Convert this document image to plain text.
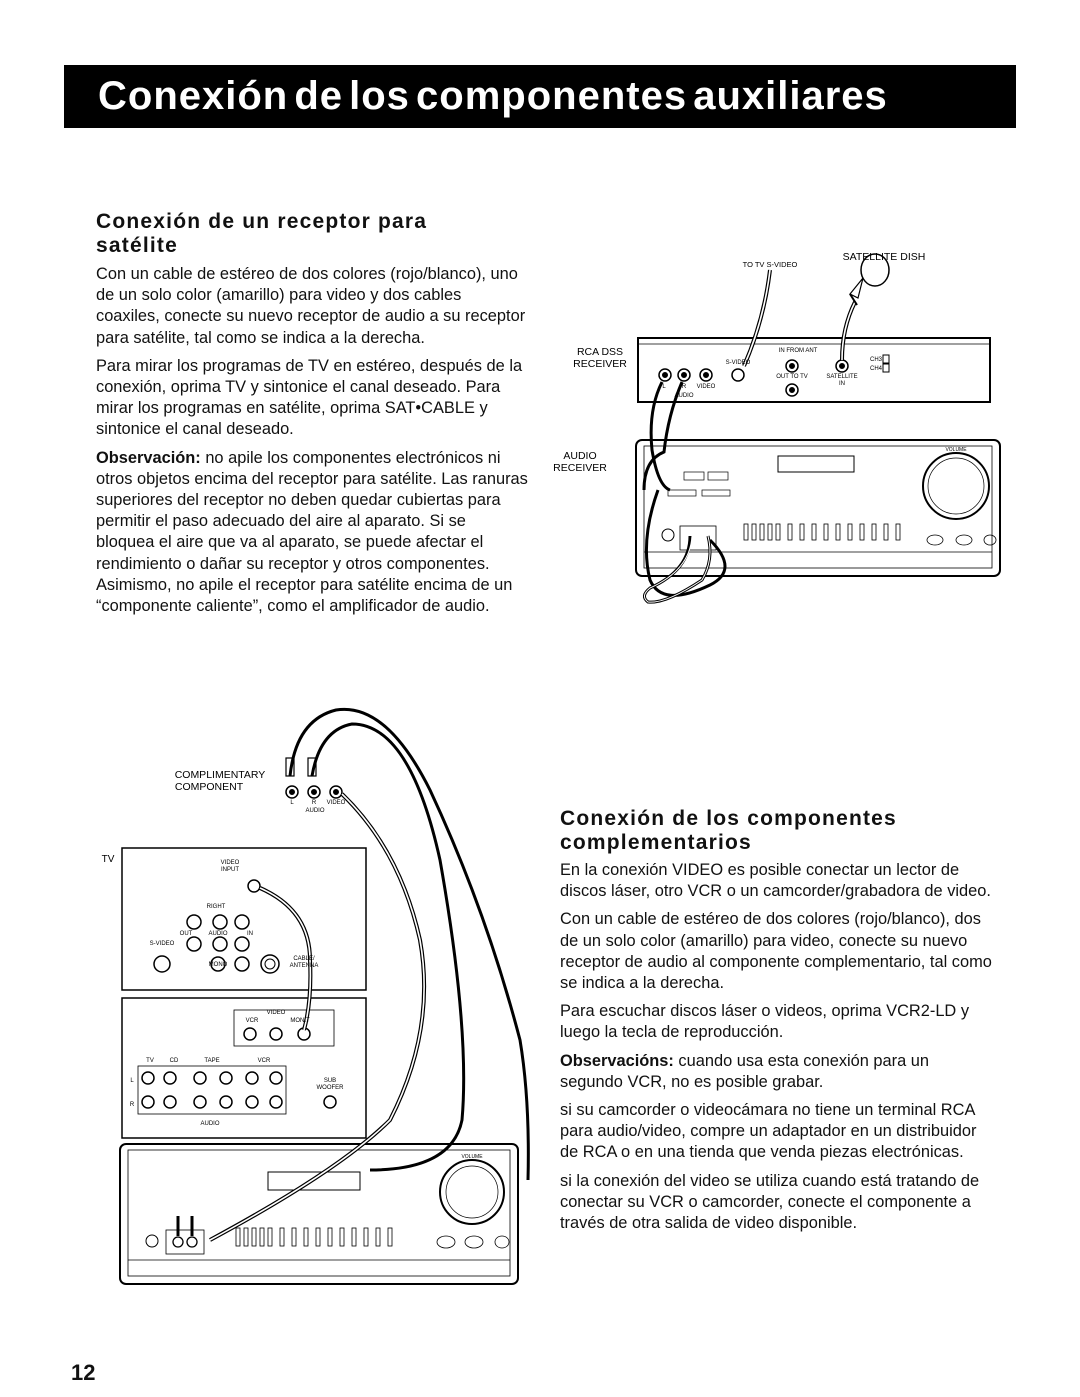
Conexión de los componentes auxiliares
Conexión de un receptor para
satélite

Con un cable de estéreo de dos colores (rojo/blanco), uno de un solo color (amarillo) para video y dos cables coaxiles, conecte su nuevo receptor de audio a su receptor para satélite, tal como se indica a la derecha.

Para mirar los programas de TV en estéreo, después de la conexión, oprima TV y sintonice el canal deseado. Para mirar los programas en satélite, oprima SAT•CABLE y sintonice el canal deseado.

Observación: no apile los componentes electrónicos ni otros objetos encima del receptor para satélite. Las ranuras superiores del receptor no deben quedar cubiertas para permitir el paso adecuado del aire al aparato. Si se bloquea el aire que va al aparato, se puede afectar el rendimiento o dañar su receptor y otros componentes. Asimismo, no apile el receptor para satélite encima de un “componente caliente”, como el amplificador de audio.

Conexión de los componentes
complementarios

En la conexión VIDEO es posible conectar un lector de discos láser, otro VCR o un camcorder/grabadora de video.

Con un cable de estéreo de dos colores (rojo/blanco), dos de un solo color (amarillo) para video, conecte su nuevo receptor de audio al componente complementario, tal como se indica a la derecha.

Para escuchar discos láser o videos, oprima VCR2-LD y luego la tecla de reproducción.

Observacións: cuando usa esta conexión para un segundo VCR, no es posible grabar.

si su camcorder o videocámara no tiene un terminal RCA para audio/video, compre un adaptador en un distribuidor de RCA o en una tienda que venda piezas electrónicas.

si la conexión del video se utiliza cuando está tratando de conectar su VCR o camcorder, conecte el componente a través de otra salida de video disponible.

TO TV S-VIDEO
SATELLITE DISH
RCA DSS
RECEIVER
AUDIO
RECEIVER
IN FROM ANT
S-VIDEO
OUT TO TV	SATELLITE
IN
CH3
CH4
L	R VIDEO
AUDIO
VOLUME
COMPLIMENTARY
COMPONENT
L	R VIDEO
AUDIO
TV	VIDEO
INPUT
RIGHT
OUT	AUDIO	IN
S-VIDEO
MONO
CABLE/
ANTENNA
VIDEO
VCR	MONIT
TV	CD	TAPE	VCR
L
R
AUDIO
SUB
WOOFER
VOLUME
12
